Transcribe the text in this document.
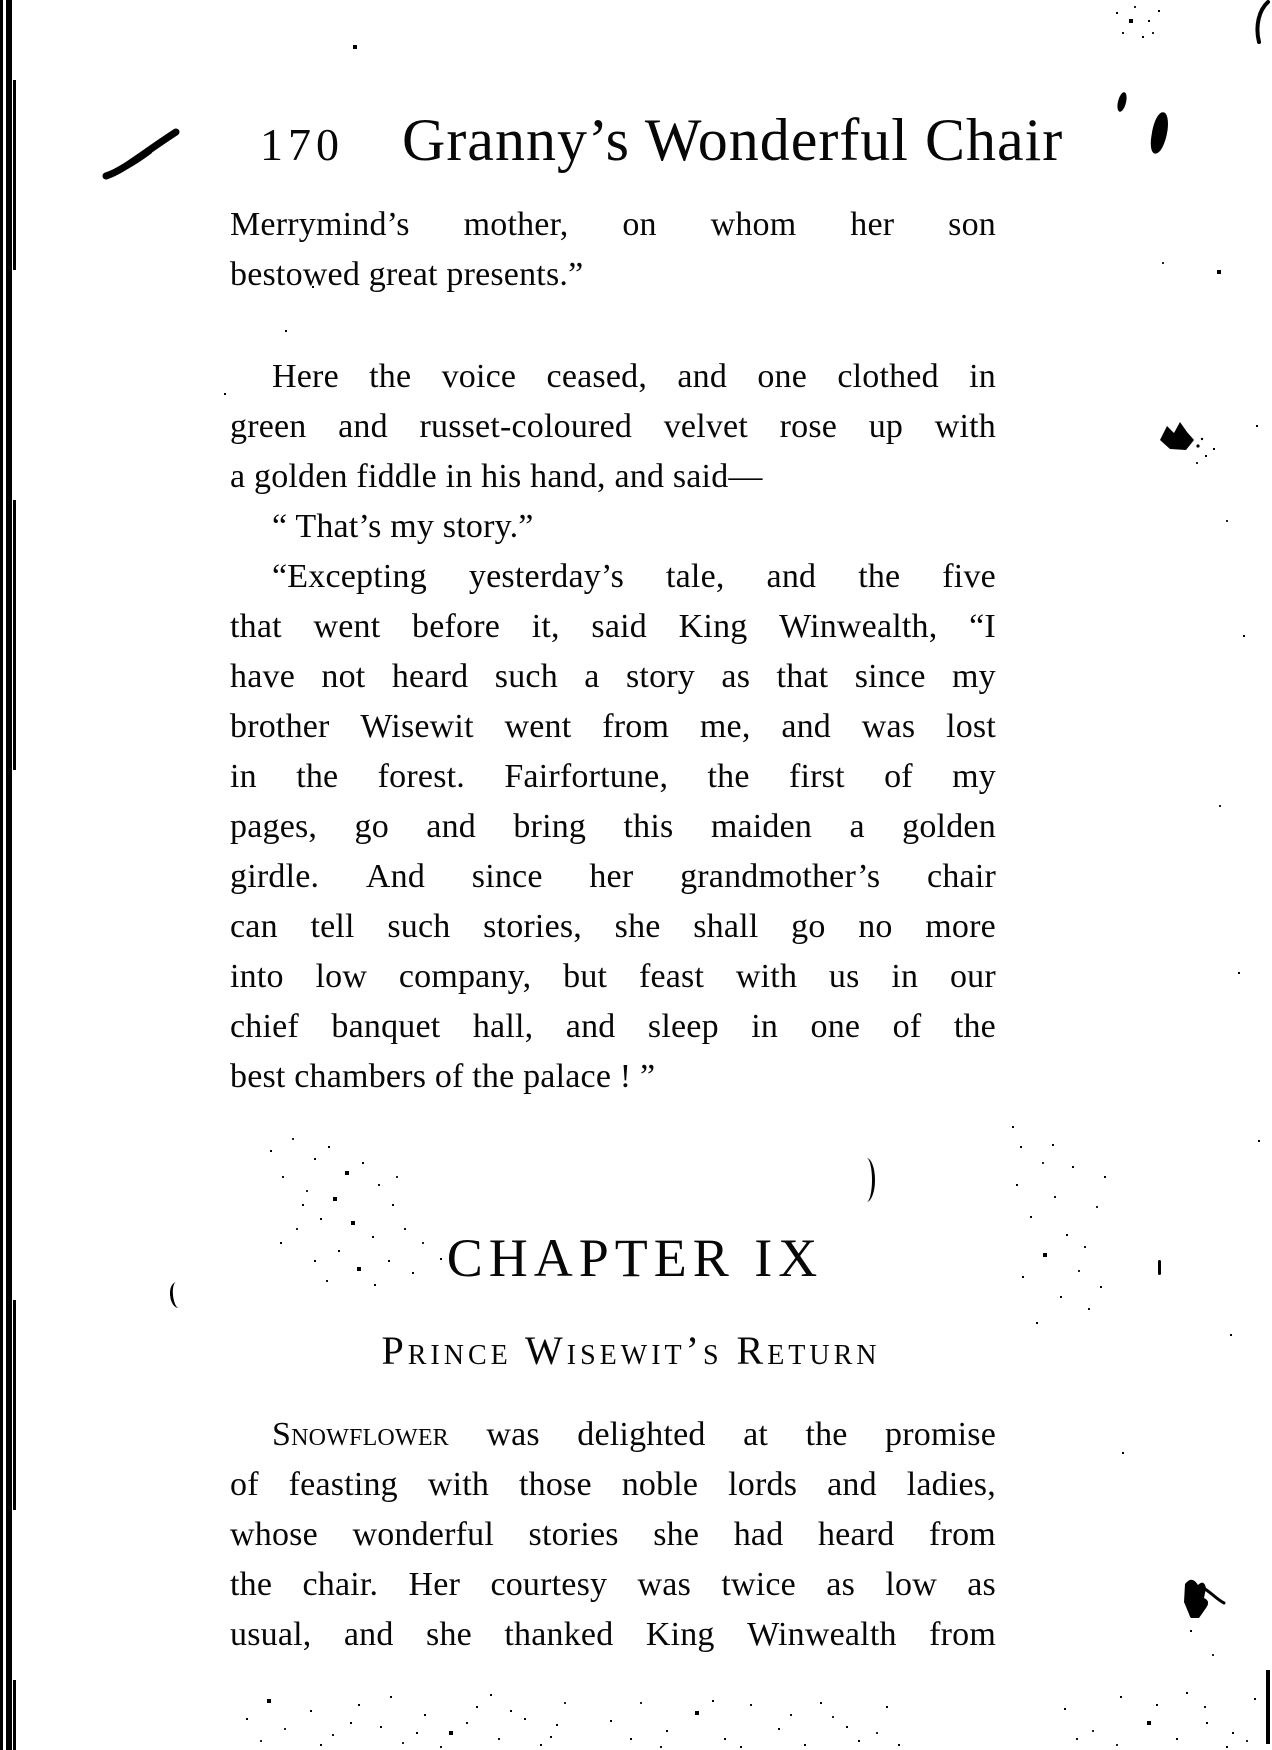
170 Granny’s Wonderful Chair
Merrymind’s mother, on whom her son
bestowed great presents.”
Here the voice ceased, and one clothed in
green and russet-coloured velvet rose up with
a golden fiddle in his hand, and said—
“ That’s my story.”
“Excepting yesterday’s tale, and the five
that went before it, said King Winwealth, “I
have not heard such a story as that since my
brother Wisewit went from me, and was lost
in the forest. Fairfortune, the first of my
pages, go and bring this maiden a golden
girdle. And since her grandmother’s chair
can tell such stories, she shall go no more
into low company, but feast with us in our
chief banquet hall, and sleep in one of the
best chambers of the palace ! ”
CHAPTER IX
Prince Wisewit’s Return
Snowflower was delighted at the promise
of feasting with those noble lords and ladies,
whose wonderful stories she had heard from
the chair. Her courtesy was twice as low as
usual, and she thanked King Winwealth from
